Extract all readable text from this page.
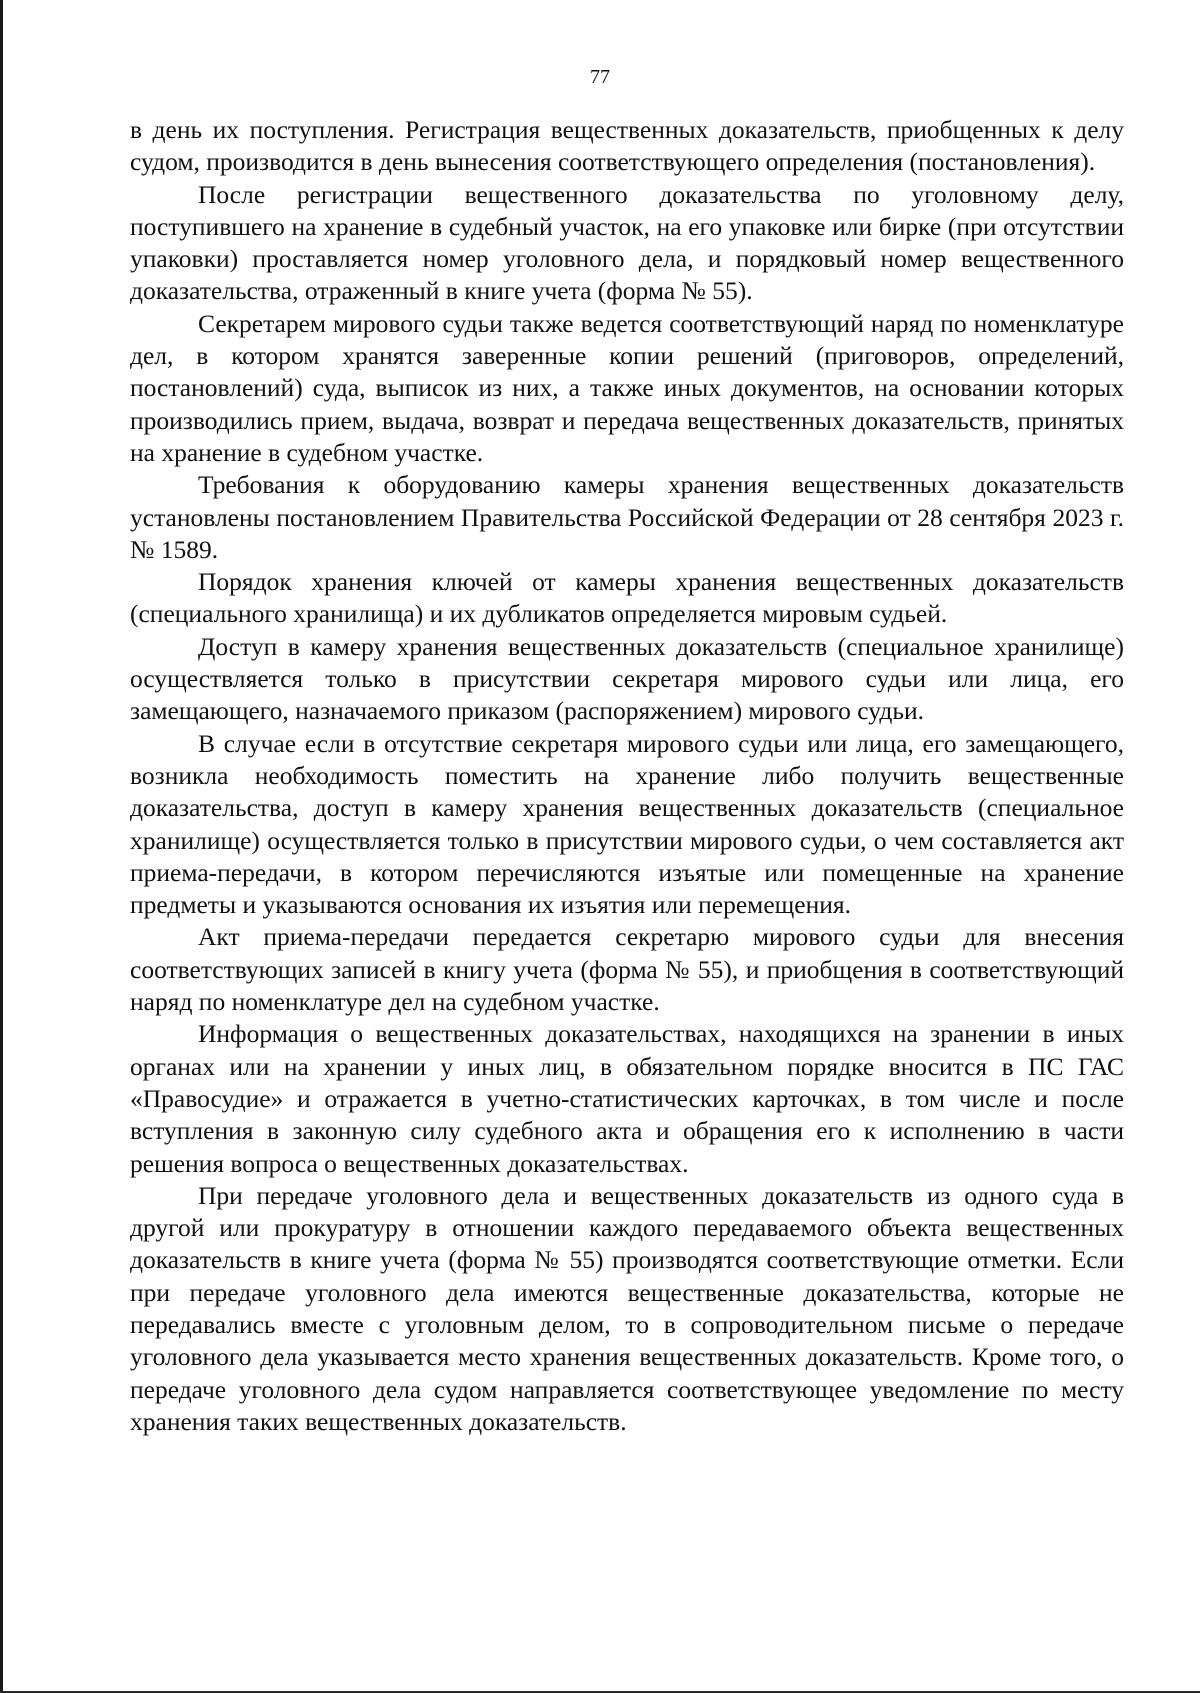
77

в день их поступления. Регистрация вещественных доказательств, приобщенных к делу судом, производится в день вынесения соответствующего определения (постановления).

После регистрации вещественного доказательства по уголовному делу, поступившего на хранение в судебный участок, на его упаковке или бирке (при отсутствии упаковки) проставляется номер уголовного дела, и порядковый номер вещественного доказательства, отраженный в книге учета (форма № 55).

Секретарем мирового судьи также ведется соответствующий наряд по номенклатуре дел, в котором хранятся заверенные копии решений (приговоров, определений, постановлений) суда, выписок из них, а также иных документов, на основании которых производились прием, выдача, возврат и передача вещественных доказательств, принятых на хранение в судебном участке.

Требования к оборудованию камеры хранения вещественных доказательств установлены постановлением Правительства Российской Федерации от 28 сентября 2023 г. № 1589.

Порядок хранения ключей от камеры хранения вещественных доказательств (специального хранилища) и их дубликатов определяется мировым судьей.

Доступ в камеру хранения вещественных доказательств (специальное хранилище) осуществляется только в присутствии секретаря мирового судьи или лица, его замещающего, назначаемого приказом (распоряжением) мирового судьи.

В случае если в отсутствие секретаря мирового судьи или лица, его замещающего, возникла необходимость поместить на хранение либо получить вещественные доказательства, доступ в камеру хранения вещественных доказательств (специальное хранилище) осуществляется только в присутствии мирового судьи, о чем составляется акт приема-передачи, в котором перечисляются изъятые или помещенные на хранение предметы и указываются основания их изъятия или перемещения.

Акт приема-передачи передается секретарю мирового судьи для внесения соответствующих записей в книгу учета (форма № 55), и приобщения в соответствующий наряд по номенклатуре дел на судебном участке.

Информация о вещественных доказательствах, находящихся на зранении в иных органах или на хранении у иных лиц, в обязательном порядке вносится в ПС ГАС «Правосудие» и отражается в учетно-статистических карточках, в том числе и после вступления в законную силу судебного акта и обращения его к исполнению в части решения вопроса о вещественных доказательствах.

При передаче уголовного дела и вещественных доказательств из одного суда в другой или прокуратуру в отношении каждого передаваемого объекта вещественных доказательств в книге учета (форма № 55) производятся соответствующие отметки. Если при передаче уголовного дела имеются вещественные доказательства, которые не передавались вместе с уголовным делом, то в сопроводительном письме о передаче уголовного дела указывается место хранения вещественных доказательств. Кроме того, о передаче уголовного дела судом направляется соответствующее уведомление по месту хранения таких вещественных доказательств.
